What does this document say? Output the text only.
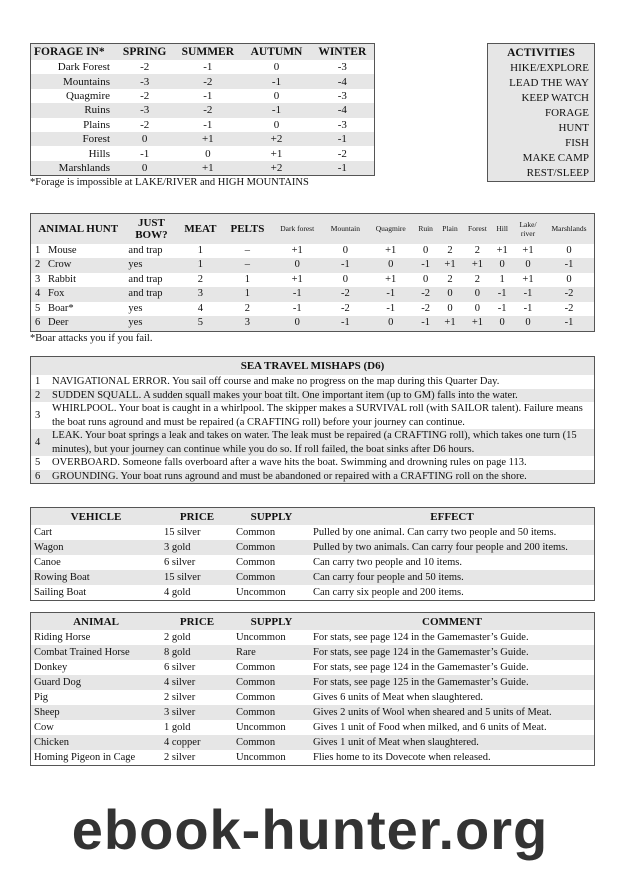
FORAGE IN*	SPRING	SUMMER	AUTUMN	WINTER
Dark Forest	-2	-1	0	-3
Mountains	-3	-2	-1	-4
Quagmire	-2	-1	0	-3
Ruins	-3	-2	-1	-4
Plains	-2	-1	0	-3
Forest	0	+1	+2	-1
Hills	-1	0	+1	-2
Marshlands	0	+1	+2	-1
*Forage is impossible at LAKE/RIVER and HIGH MOUNTAINS
ACTIVITIES
HIKE/EXPLORE
LEAD THE WAY
KEEP WATCH
FORAGE
HUNT
FISH
MAKE CAMP
REST/SLEEP
ANIMAL HUNT		JUST BOW?	MEAT	PELTS	Dark forest	Mountain	Quagmire	Ruin	Plain	Forest	Hill	Lake/ river	Marshlands
1	Mouse	and trap	1	–	+1	0	+1	0	2	2	+1	+1	0
2	Crow	yes	1	–	0	-1	0	-1	+1	+1	0	0	-1
3	Rabbit	and trap	2	1	+1	0	+1	0	2	2	1	+1	0
4	Fox	and trap	3	1	-1	-2	-1	-2	0	0	-1	-1	-2
5	Boar*	yes	4	2	-1	-2	-1	-2	0	0	-1	-1	-2
6	Deer	yes	5	3	0	-1	0	-1	+1	+1	0	0	-1
*Boar attacks you if you fail.
SEA TRAVEL MISHAPS (D6)	
1	NAVIGATIONAL ERROR. You sail off course and make no progress on the map during this Quarter Day.
2	SUDDEN SQUALL. A sudden squall makes your boat tilt. One important item (up to GM) falls into the water.
3	WHIRLPOOL. Your boat is caught in a whirlpool. The skipper makes a SURVIVAL roll (with SAILOR talent). Failure means the boat runs aground and must be repaired (a CRAFTING roll) before your journey can continue.
4	LEAK. Your boat springs a leak and takes on water. The leak must be repaired (a CRAFTING roll), which takes one turn (15 minutes), but your journey can continue while you do so. If roll failed, the boat sinks after D6 hours.
5	OVERBOARD. Someone falls overboard after a wave hits the boat. Swimming and drowning rules on page 113.
6	GROUNDING. Your boat runs aground and must be abandoned or repaired with a CRAFTING roll on the shore.
VEHICLE	PRICE	SUPPLY	EFFECT
Cart	15 silver	Common	Pulled by one animal. Can carry two people and 50 items.
Wagon	3 gold	Common	Pulled by two animals. Can carry four people and 200 items.
Canoe	6 silver	Common	Can carry two people and 10 items.
Rowing Boat	15 silver	Common	Can carry four people and 50 items.
Sailing Boat	4 gold	Uncommon	Can carry six people and 200 items.
ANIMAL	PRICE	SUPPLY	COMMENT
Riding Horse	2 gold	Uncommon	For stats, see page 124 in the Gamemaster’s Guide.
Combat Trained Horse	8 gold	Rare	For stats, see page 124 in the Gamemaster’s Guide.
Donkey	6 silver	Common	For stats, see page 124 in the Gamemaster’s Guide.
Guard Dog	4 silver	Common	For stats, see page 125 in the Gamemaster’s Guide.
Pig	2 silver	Common	Gives 6 units of Meat when slaughtered.
Sheep	3 silver	Common	Gives 2 units of Wool when sheared and 5 units of Meat.
Cow	1 gold	Uncommon	Gives 1 unit of Food when milked, and 6 units of Meat.
Chicken	4 copper	Common	Gives 1 unit of Meat when slaughtered.
Homing Pigeon in Cage	2 silver	Uncommon	Flies home to its Dovecote when released.
ebook-hunter.org
